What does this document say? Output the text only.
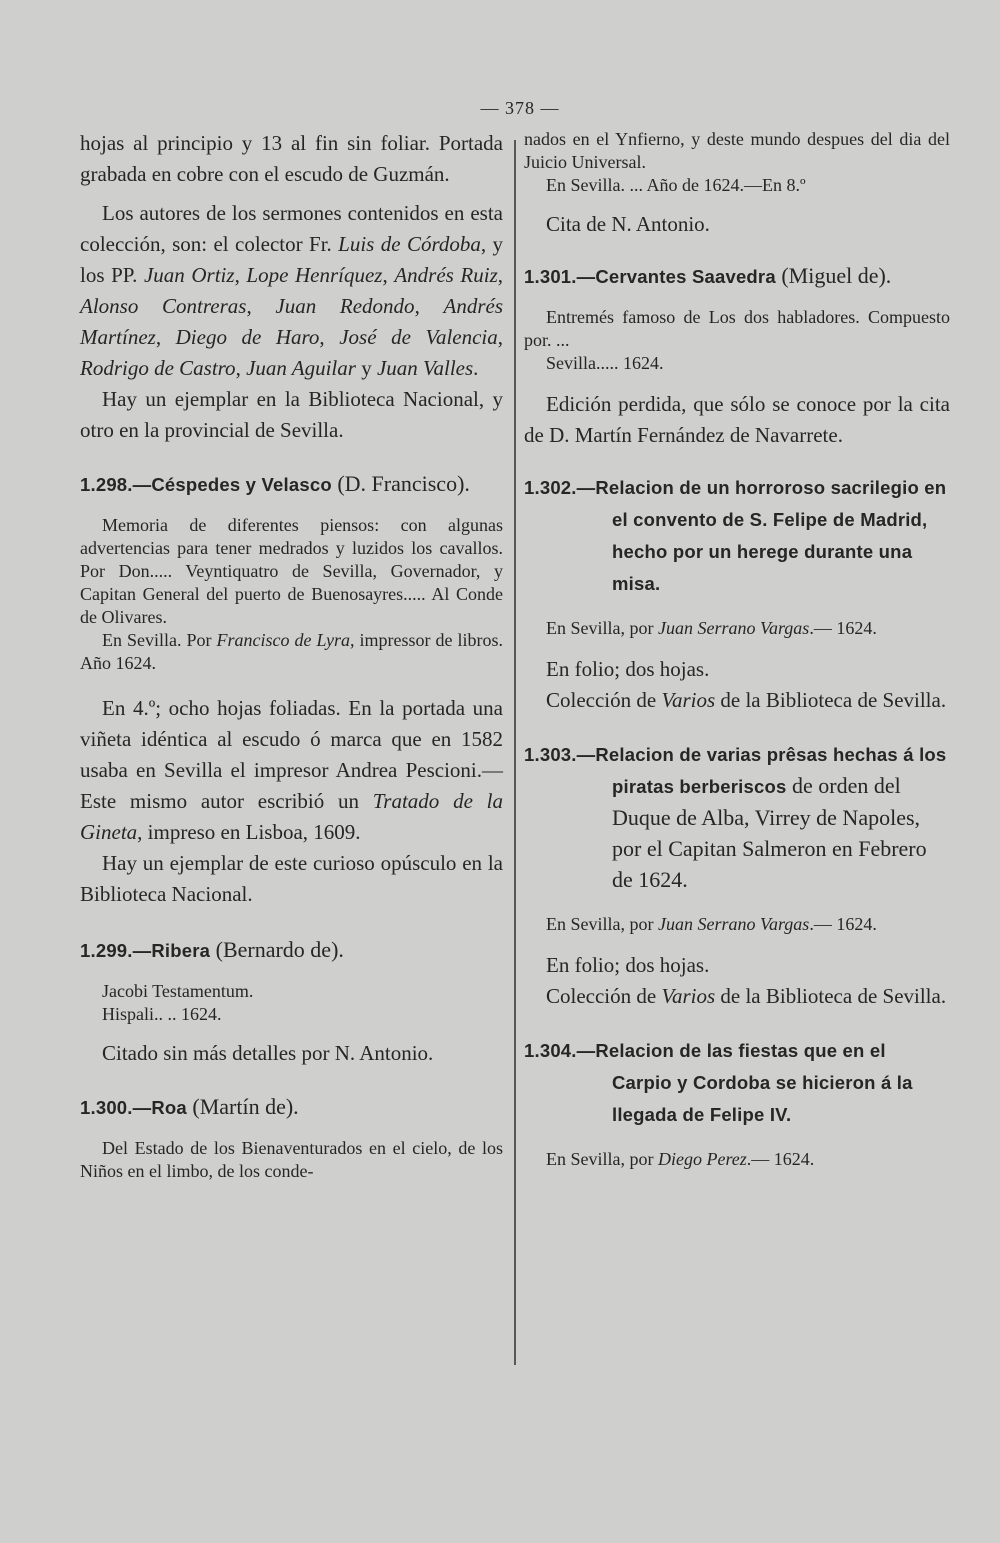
— 378 —

hojas al principio y 13 al fin sin foliar. Portada grabada en cobre con el escudo de Guzmán.

Los autores de los sermones contenidos en esta colección, son: el colector Fr. Luis de Córdoba, y los PP. Juan Ortiz, Lope Henríquez, Andrés Ruiz, Alonso Contreras, Juan Redondo, Andrés Martínez, Diego de Haro, José de Valencia, Rodrigo de Castro, Juan Aguilar y Juan Valles.

Hay un ejemplar en la Biblioteca Nacional, y otro en la provincial de Sevilla.

1.298.—Céspedes y Velasco (D. Francisco).

Memoria de diferentes piensos: con algunas advertencias para tener medrados y luzidos los cavallos. Por Don..... Veyntiquatro de Sevilla, Governador, y Capitan General del puerto de Buenosayres..... Al Conde de Olivares.

En Sevilla. Por Francisco de Lyra, impressor de libros. Año 1624.

En 4.º; ocho hojas foliadas. En la portada una viñeta idéntica al escudo ó marca que en 1582 usaba en Sevilla el impresor Andrea Pescioni.—Este mismo autor escribió un Tratado de la Gineta, impreso en Lisboa, 1609.

Hay un ejemplar de este curioso opúsculo en la Biblioteca Nacional.

1.299.—Ribera (Bernardo de).

Jacobi Testamentum.

Hispali.. .. 1624.

Citado sin más detalles por N. Antonio.

1.300.—Roa (Martín de).

Del Estado de los Bienaventurados en el cielo, de los Niños en el limbo, de los conde-

nados en el Ynfierno, y deste mundo despues del dia del Juicio Universal.

En Sevilla. ... Año de 1624.—En 8.º

Cita de N. Antonio.

1.301.—Cervantes Saavedra (Miguel de).

Entremés famoso de Los dos habladores. Compuesto por. ...

Sevilla..... 1624.

Edición perdida, que sólo se conoce por la cita de D. Martín Fernández de Navarrete.

1.302.—Relacion de un horroroso sacrilegio en el convento de S. Felipe de Madrid, hecho por un herege durante una misa.

En Sevilla, por Juan Serrano Vargas.— 1624.

En folio; dos hojas.

Colección de Varios de la Biblioteca de Sevilla.

1.303.—Relacion de varias prêsas hechas á los piratas berberiscos de orden del Duque de Alba, Virrey de Napoles, por el Capitan Salmeron en Febrero de 1624.

En Sevilla, por Juan Serrano Vargas.— 1624.

En folio; dos hojas.

Colección de Varios de la Biblioteca de Sevilla.

1.304.—Relacion de las fiestas que en el Carpio y Cordoba se hicieron á la llegada de Felipe IV.

En Sevilla, por Diego Perez.— 1624.
